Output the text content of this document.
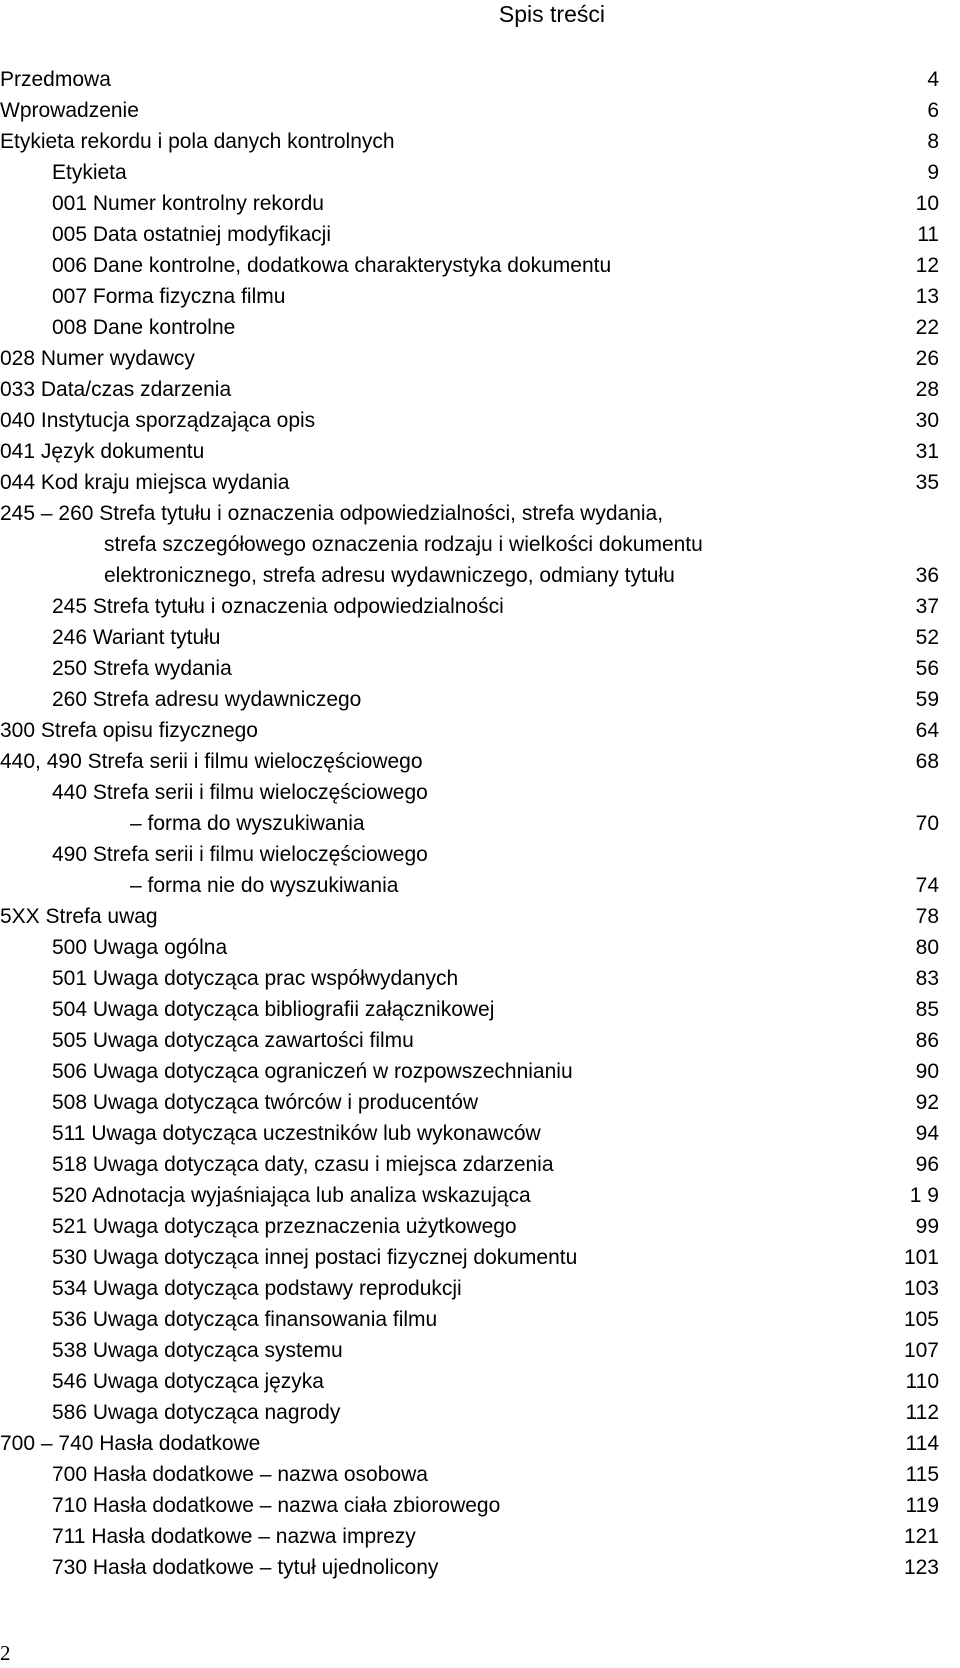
Spis treści
Przedmowa	4
Wprowadzenie	6
Etykieta rekordu i pola danych kontrolnych	8
Etykieta	9
001 Numer kontrolny rekordu	10
005 Data ostatniej modyfikacji	11
006 Dane kontrolne, dodatkowa charakterystyka dokumentu	12
007 Forma fizyczna filmu	13
008 Dane kontrolne	22
028 Numer wydawcy	26
033 Data/czas zdarzenia	28
040 Instytucja sporządzająca opis	30
041 Język dokumentu	31
044 Kod kraju miejsca wydania	35
245 – 260 Strefa tytułu i oznaczenia odpowiedzialności, strefa wydania,
strefa szczegółowego oznaczenia rodzaju i wielkości dokumentu
elektronicznego, strefa adresu wydawniczego, odmiany tytułu	36
245 Strefa tytułu i oznaczenia odpowiedzialności	37
246 Wariant tytułu	52
250 Strefa wydania	56
260 Strefa adresu wydawniczego	59
300 Strefa opisu fizycznego	64
440, 490 Strefa serii i filmu wieloczęściowego	68
440 Strefa serii i filmu wieloczęściowego
– forma do wyszukiwania	70
490 Strefa serii i filmu wieloczęściowego
– forma nie do wyszukiwania	74
5XX Strefa uwag	78
500 Uwaga ogólna	80
501 Uwaga dotycząca prac współwydanych	83
504 Uwaga dotycząca bibliografii załącznikowej	85
505 Uwaga dotycząca zawartości filmu	86
506 Uwaga dotycząca ograniczeń w rozpowszechnianiu	90
508 Uwaga dotycząca twórców i producentów	92
511 Uwaga dotycząca uczestników lub wykonawców	94
518 Uwaga dotycząca daty, czasu i miejsca zdarzenia	96
520 Adnotacja wyjaśniająca lub analiza wskazująca	1 9
521 Uwaga dotycząca przeznaczenia użytkowego	99
530 Uwaga dotycząca innej postaci fizycznej dokumentu	101
534 Uwaga dotycząca podstawy reprodukcji	103
536 Uwaga dotycząca finansowania filmu	105
538 Uwaga dotycząca systemu	107
546 Uwaga dotycząca języka	110
586 Uwaga dotycząca nagrody	112
700 – 740 Hasła dodatkowe	114
700 Hasła dodatkowe – nazwa osobowa	115
710 Hasła dodatkowe – nazwa ciała zbiorowego	119
711 Hasła dodatkowe – nazwa imprezy	121
730 Hasła dodatkowe – tytuł ujednolicony	123
2
